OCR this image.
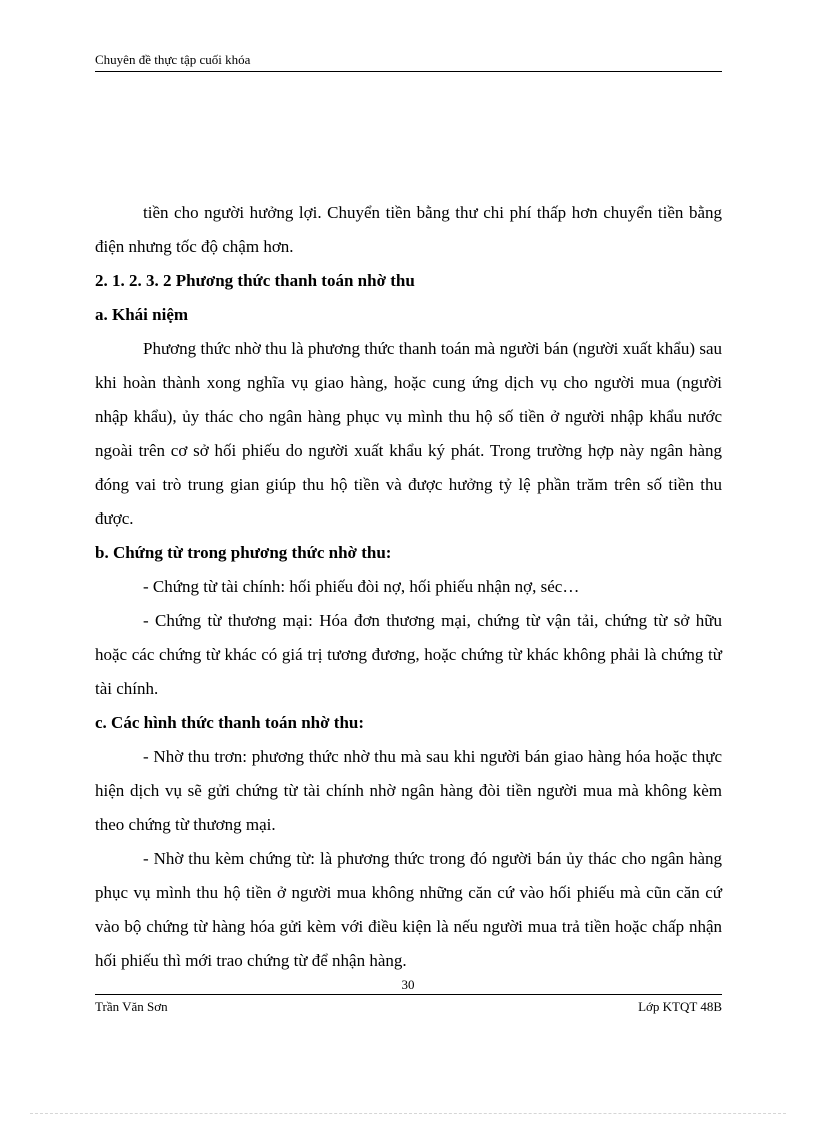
Chuyên đề thực tập cuối khóa

tiền cho người hưởng lợi. Chuyển tiền bằng thư chi phí thấp hơn chuyển tiền bằng điện nhưng tốc độ chậm hơn.

2. 1. 2. 3. 2 Phương thức thanh toán nhờ thu

a. Khái niệm

Phương thức nhờ thu là phương thức thanh toán mà người bán (người xuất khẩu) sau khi hoàn thành xong nghĩa vụ giao hàng, hoặc cung ứng dịch vụ cho người mua (người nhập khẩu), ủy thác cho ngân hàng phục vụ mình thu hộ số tiền ở người nhập khẩu nước ngoài trên cơ sở hối phiếu do người xuất khẩu ký phát. Trong trường hợp này ngân hàng đóng vai trò trung gian giúp thu hộ tiền và được hưởng tỷ lệ phần trăm trên số tiền thu được.

b. Chứng từ trong phương thức nhờ thu:

- Chứng từ tài chính: hối phiếu đòi nợ, hối phiếu nhận nợ, séc…

- Chứng từ thương mại: Hóa đơn thương mại, chứng từ vận tải, chứng từ sở hữu hoặc các chứng từ khác có giá trị tương đương, hoặc chứng từ khác không phải là chứng từ tài chính.

c. Các hình thức thanh toán nhờ thu:

- Nhờ thu trơn: phương thức nhờ thu mà sau khi người bán giao hàng hóa hoặc thực hiện dịch vụ sẽ gửi chứng từ tài chính nhờ ngân hàng đòi tiền người mua mà không kèm theo chứng từ thương mại.

- Nhờ thu kèm chứng từ: là phương thức trong đó người bán ủy thác cho ngân hàng phục vụ mình thu hộ tiền ở người mua không những căn cứ vào hối phiếu mà cũn căn cứ vào bộ chứng từ hàng hóa gửi kèm với điều kiện là nếu người mua trả tiền hoặc chấp nhận hối phiếu thì mới trao chứng từ để nhận hàng.

30
Trần Văn Sơn	Lớp KTQT 48B
